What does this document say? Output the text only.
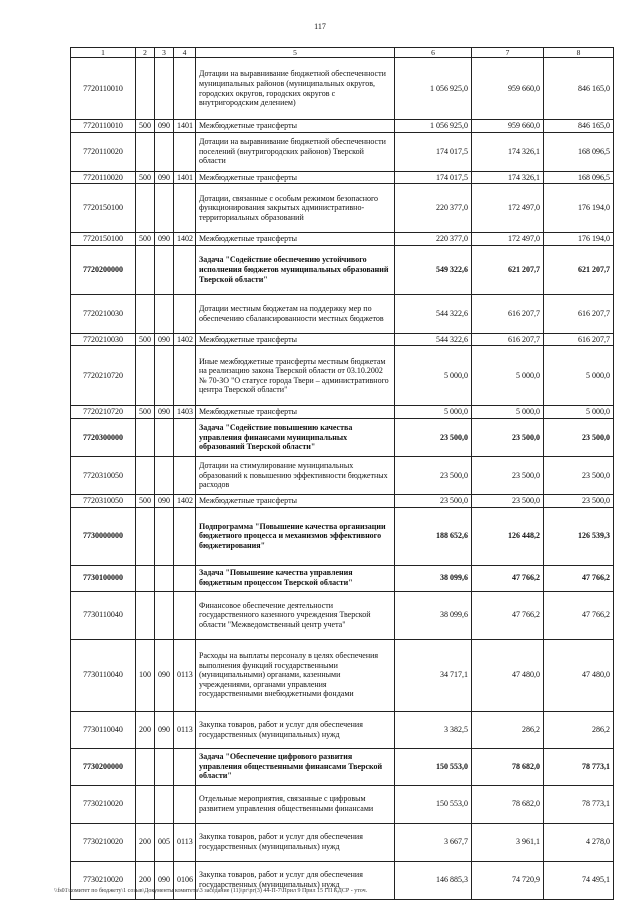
117
1	2	3	4	5	6	7	8
7720110010				Дотации на выравнивание бюджетной обеспеченности муниципальных районов (муниципальных округов, городских округов, городских округов с внутригородским делением)	1 056 925,0	959 660,0	846 165,0
7720110010	500	090	1401	Межбюджетные трансферты	1 056 925,0	959 660,0	846 165,0
7720110020				Дотации на выравнивание бюджетной обеспеченности поселений (внутригородских районов) Тверской области	174 017,5	174 326,1	168 096,5
7720110020	500	090	1401	Межбюджетные трансферты	174 017,5	174 326,1	168 096,5
7720150100				Дотации, связанные с особым режимом безопасного функционирования закрытых административно-территориальных образований	220 377,0	172 497,0	176 194,0
7720150100	500	090	1402	Межбюджетные трансферты	220 377,0	172 497,0	176 194,0
7720200000				Задача "Содействие обеспечению устойчивого исполнения бюджетов муниципальных образований Тверской области"	549 322,6	621 207,7	621 207,7
7720210030				Дотации местным бюджетам на поддержку мер по обеспечению сбалансированности местных бюджетов	544 322,6	616 207,7	616 207,7
7720210030	500	090	1402	Межбюджетные трансферты	544 322,6	616 207,7	616 207,7
7720210720				Иные межбюджетные трансферты местным бюджетам на реализацию закона Тверской области от 03.10.2002 № 70-ЗО "О статусе города Твери – административного центра Тверской области"	5 000,0	5 000,0	5 000,0
7720210720	500	090	1403	Межбюджетные трансферты	5 000,0	5 000,0	5 000,0
7720300000				Задача "Содействие повышению качества управления финансами муниципальных образований Тверской области"	23 500,0	23 500,0	23 500,0
7720310050				Дотации на стимулирование муниципальных образований к повышению эффективности бюджетных расходов	23 500,0	23 500,0	23 500,0
7720310050	500	090	1402	Межбюджетные трансферты	23 500,0	23 500,0	23 500,0
7730000000				Подпрограмма "Повышение качества организации бюджетного процесса и механизмов эффективного бюджетирования"	188 652,6	126 448,2	126 539,3
7730100000				Задача "Повышение качества управления бюджетным процессом Тверской области"	38 099,6	47 766,2	47 766,2
7730110040				Финансовое обеспечение деятельности государственного казенного учреждения Тверской области "Межведомственный центр учета"	38 099,6	47 766,2	47 766,2
7730110040	100	090	0113	Расходы на выплаты персоналу в целях обеспечения выполнения функций государственными (муниципальными) органами, казенными учреждениями, органами управления государственными внебюджетными фондами	34 717,1	47 480,0	47 480,0
7730110040	200	090	0113	Закупка товаров, работ и услуг для обеспечения государственных (муниципальных) нужд	3 382,5	286,2	286,2
7730200000				Задача "Обеспечение цифрового развития управления общественными финансами Тверской области"	150 553,0	78 682,0	78 773,1
7730210020				Отдельные мероприятия, связанные с цифровым развитием управления общественными финансами	150 553,0	78 682,0	78 773,1
7730210020	200	005	0113	Закупка товаров, работ и услуг для обеспечения государственных (муниципальных) нужд	3 667,7	3 961,1	4 278,0
7730210020	200	090	0106	Закупка товаров, работ и услуг для обеспечения государственных (муниципальных) нужд	146 885,3	74 720,9	74 495,1
\\fs01\комитет по бюджету\1 созыв\Документы комитета\3 заседание (11)\рг\рг(3) 44-П-7\Прил 9 Прил 15 ГП КДСР - уточ.
